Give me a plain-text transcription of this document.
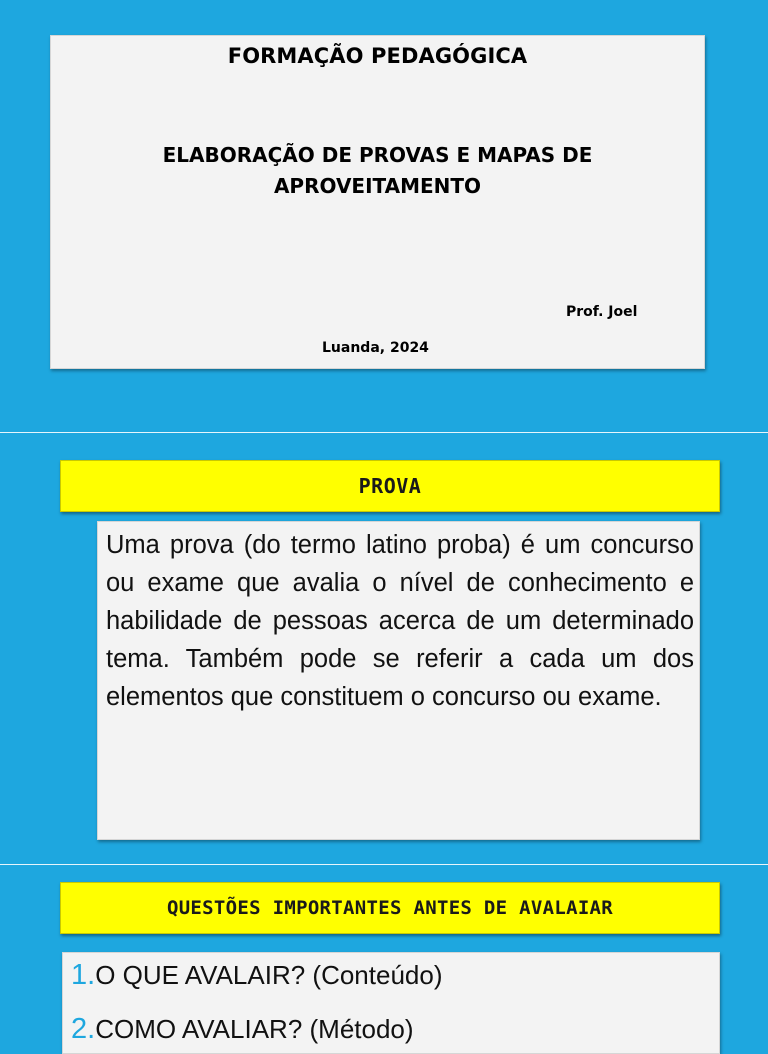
FORMAÇÃO PEDAGÓGICA
ELABORAÇÃO DE PROVAS E MAPAS DE
APROVEITAMENTO
Prof. Joel
Luanda, 2024
PROVA
Uma prova (do termo latino proba) é um concurso ou exame que avalia o nível de conhecimento e habilidade de pessoas acerca de um determinado tema. Também pode se referir a cada um dos elementos que constituem o concurso ou exame.
QUESTÕES IMPORTANTES ANTES DE AVALAIAR
1.O QUE AVALAIR? (Conteúdo)
2.COMO AVALIAR? (Método)
